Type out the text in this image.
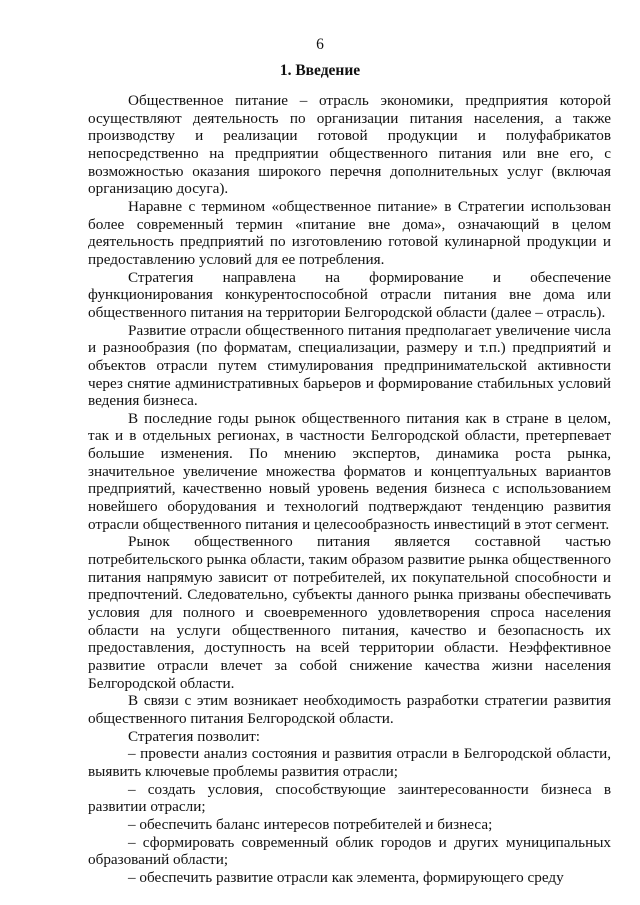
6
1. Введение

Общественное питание – отрасль экономики, предприятия которой осуществляют деятельность по организации питания населения, а также производству и реализации готовой продукции и полуфабрикатов непосредственно на предприятии общественного питания или вне его, с возможностью оказания широкого перечня дополнительных услуг (включая организацию досуга).

Наравне с термином «общественное питание» в Стратегии использован более современный термин «питание вне дома», означающий в целом деятельность предприятий по изготовлению готовой кулинарной продукции и предоставлению условий для ее потребления.

Стратегия направлена на формирование и обеспечение функционирования конкурентоспособной отрасли питания вне дома или общественного питания на территории Белгородской области (далее – отрасль).

Развитие отрасли общественного питания предполагает увеличение числа и разнообразия (по форматам, специализации, размеру и т.п.) предприятий и объектов отрасли путем стимулирования предпринимательской активности через снятие административных барьеров и формирование стабильных условий ведения бизнеса.

В последние годы рынок общественного питания как в стране в целом, так и в отдельных регионах, в частности Белгородской области, претерпевает большие изменения. По мнению экспертов, динамика роста рынка, значительное увеличение множества форматов и концептуальных вариантов предприятий, качественно новый уровень ведения бизнеса с использованием новейшего оборудования и технологий подтверждают тенденцию развития отрасли общественного питания и целесообразность инвестиций в этот сегмент.

Рынок общественного питания является составной частью потребительского рынка области, таким образом развитие рынка общественного питания напрямую зависит от потребителей, их покупательной способности и предпочтений. Следовательно, субъекты данного рынка призваны обеспечивать условия для полного и своевременного удовлетворения спроса населения области на услуги общественного питания, качество и безопасность их предоставления, доступность на всей территории области. Неэффективное развитие отрасли влечет за собой снижение качества жизни населения Белгородской области.

В связи с этим возникает необходимость разработки стратегии развития общественного питания Белгородской области.

Стратегия позволит:

– провести анализ состояния и развития отрасли в Белгородской области, выявить ключевые проблемы развития отрасли;

– создать условия, способствующие заинтересованности бизнеса в развитии отрасли;

– обеспечить баланс интересов потребителей и бизнеса;

– сформировать современный облик городов и других муниципальных образований области;

– обеспечить развитие отрасли как элемента, формирующего среду
